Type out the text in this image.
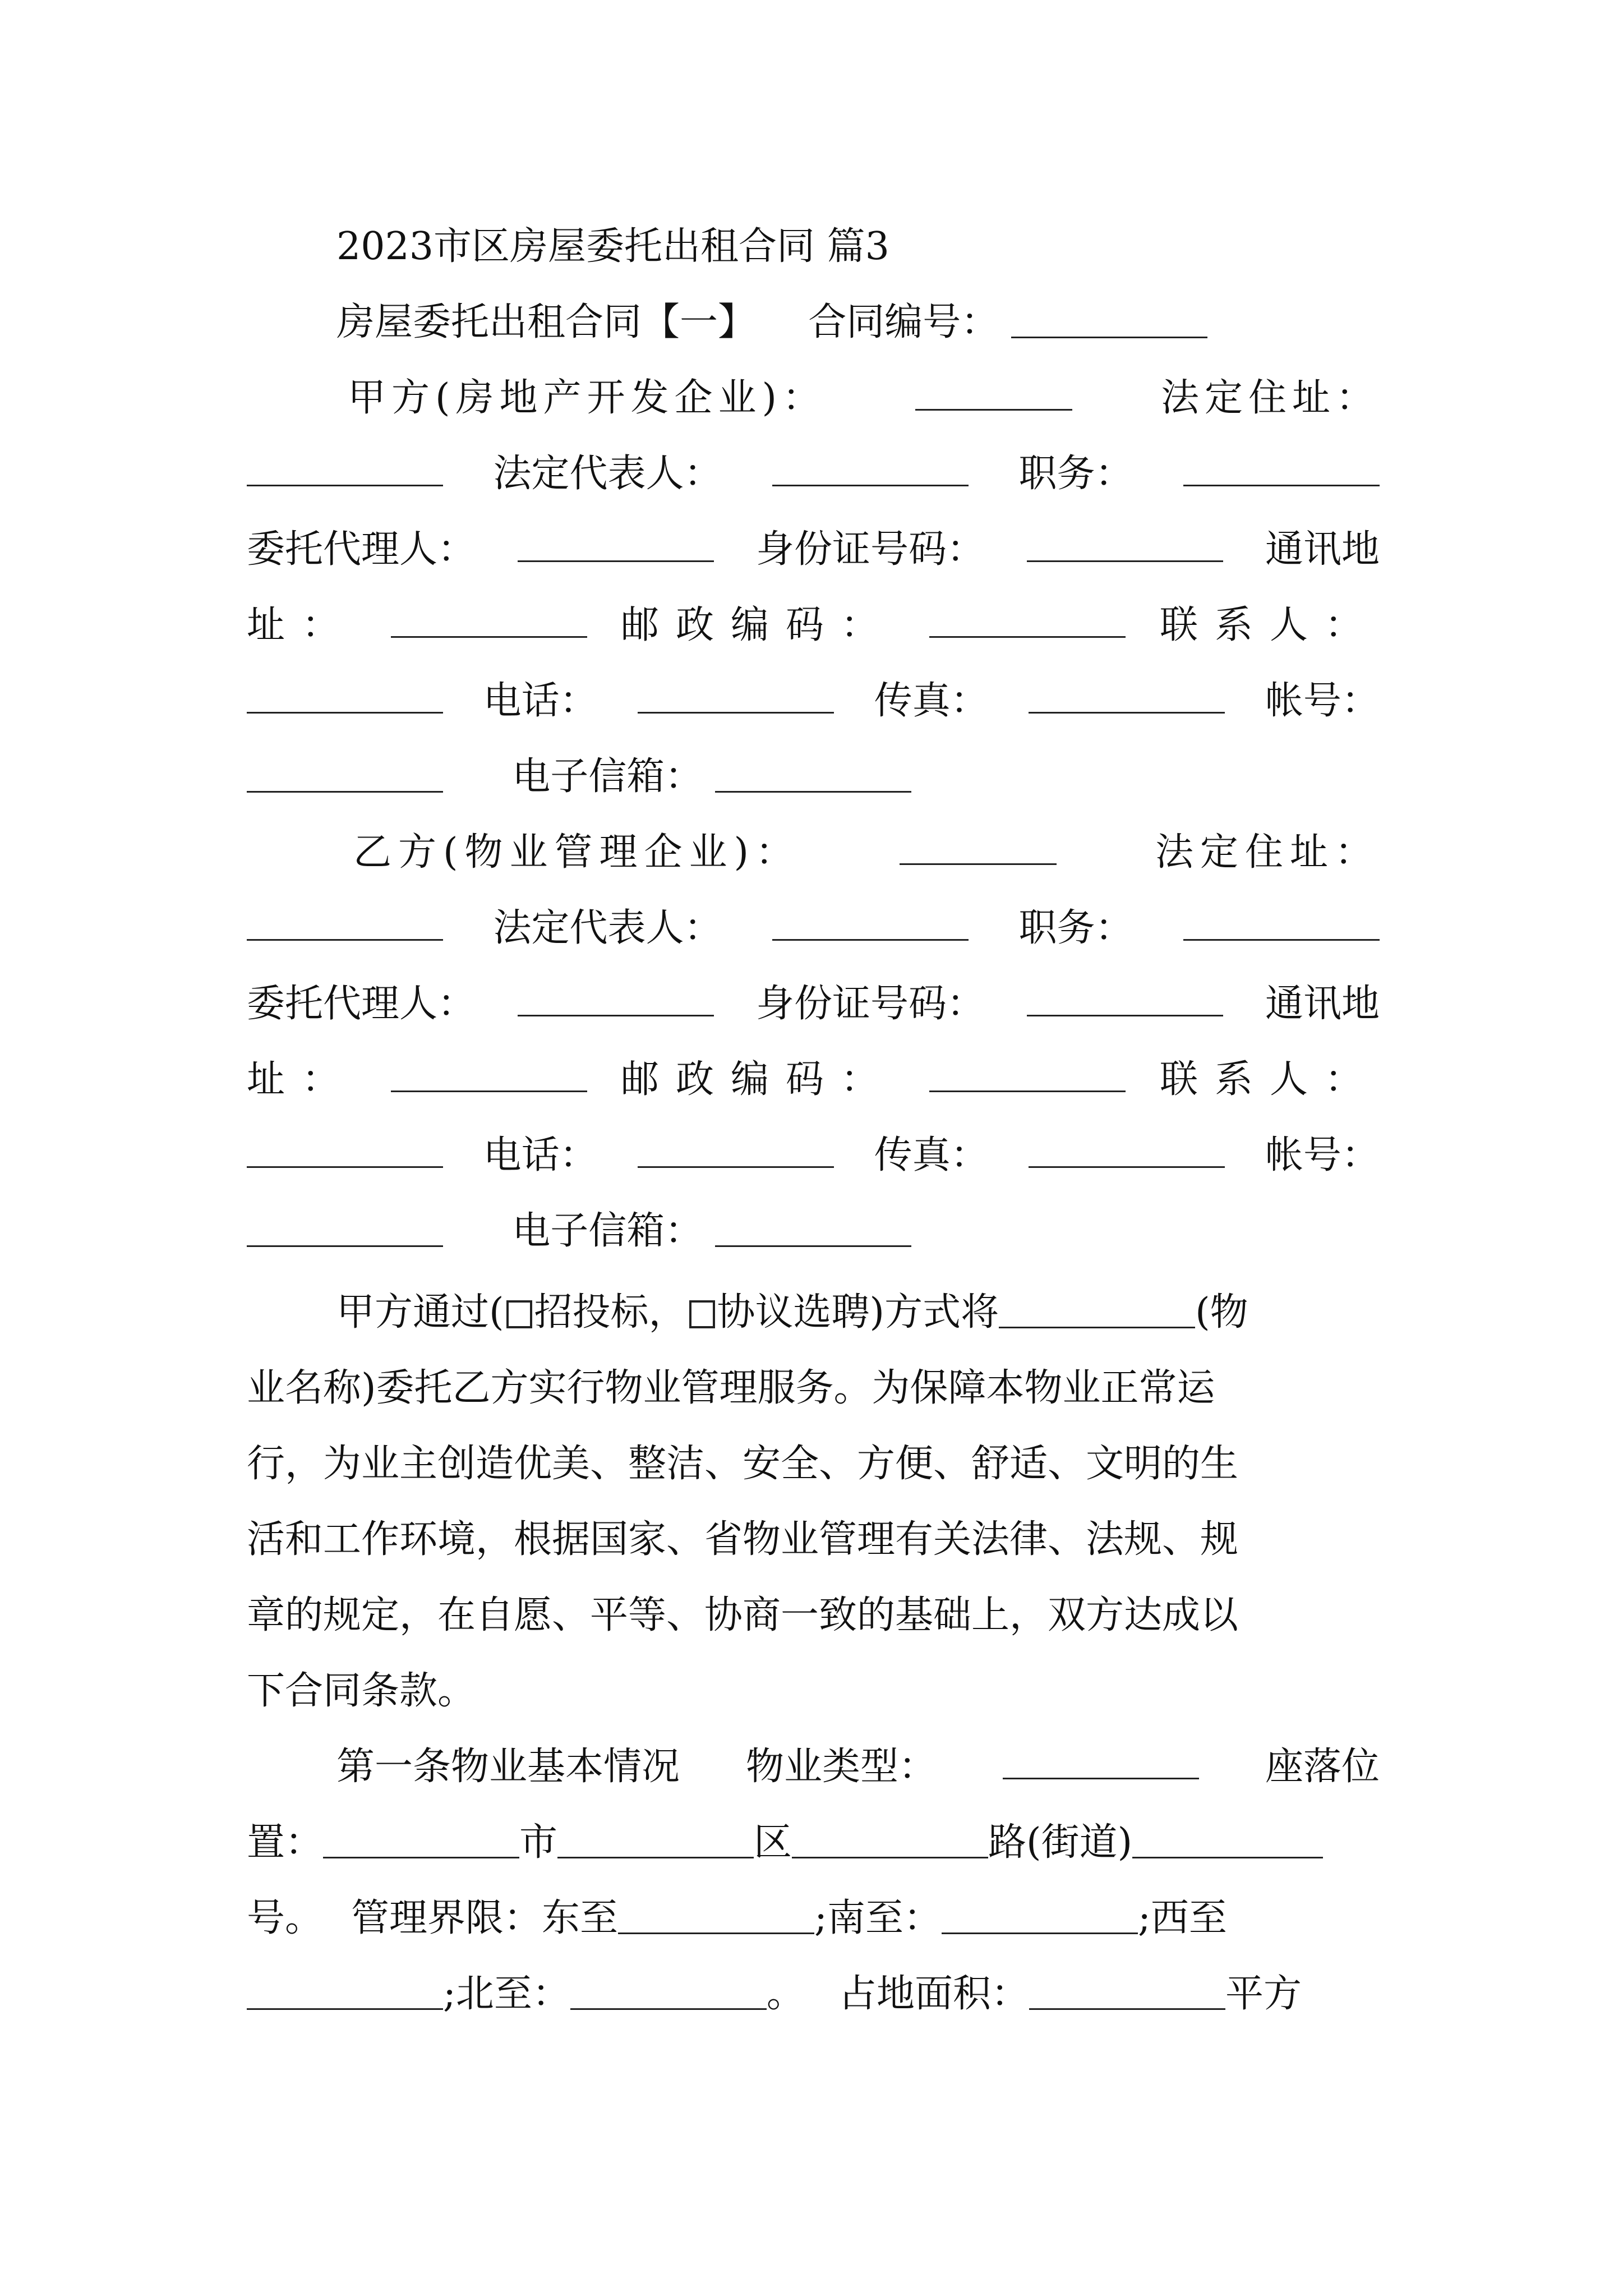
2023市区房屋委托出租合同 篇3
房屋委托出租合同【一】 合同编号：
甲方(房地产开发企业)：	法定住址：
法定代表人：	职务：
委托代理人：	身份证号码：	通讯地
址：	邮政编码：	联系人：
电话：	传真：	帐号：
电子信箱：
乙方(物业管理企业)：	法定住址：
法定代表人：	职务：
委托代理人：	身份证号码：	通讯地
址：	邮政编码：	联系人：
电话：	传真：	帐号：
电子信箱：
甲方通过( 招投标， 协议选聘)方式将	(物
业名称)委托乙方实行物业管理服务。为保障本物业正常运
行，为业主创造优美、整洁、安全、方便、舒适、文明的生
活和工作环境，根据国家、省物业管理有关法律、法规、规
章的规定，在自愿、平等、协商一致的基础上，双方达成以
下合同条款。
第一条物业基本情况 物业类型：	座落位
置：	市	区	路(街道)
号。 管理界限：东至	;南至：	;西至
;北至：	。 占地面积：	平方
